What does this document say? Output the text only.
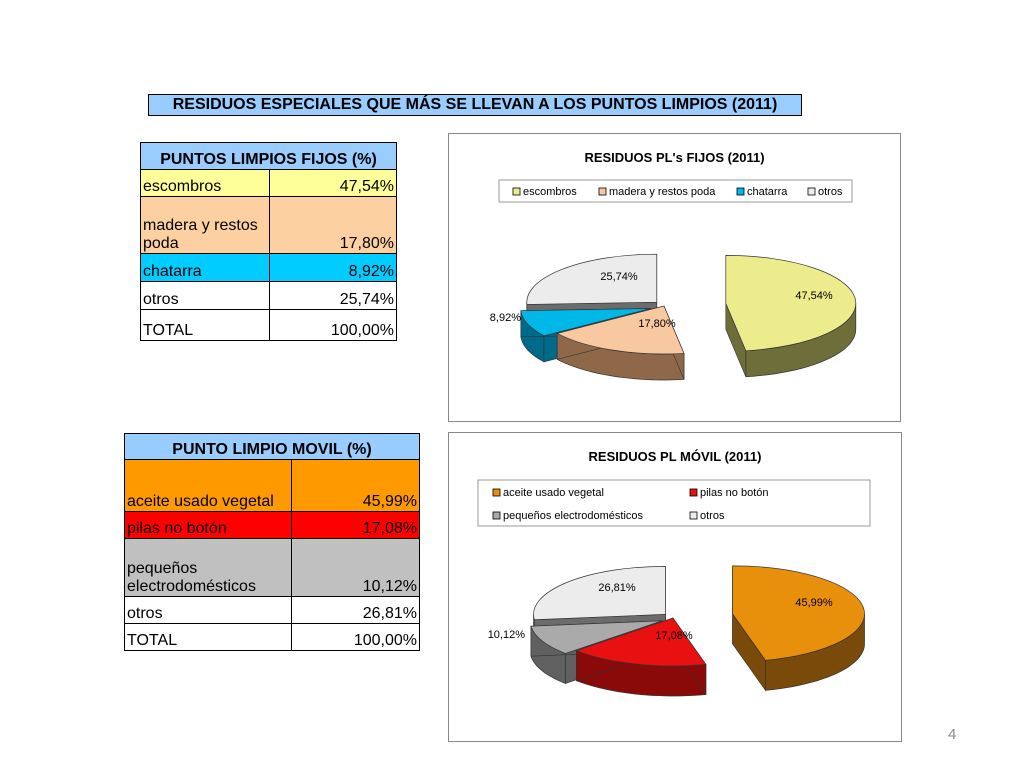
RESIDUOS ESPECIALES QUE MÁS SE LLEVAN A LOS PUNTOS LIMPIOS (2011)
PUNTOS LIMPIOS FIJOS (%)	
escombros	47,54%
madera y restos poda	17,80%
chatarra	8,92%
otros	25,74%
TOTAL	100,00%
PUNTO LIMPIO MOVIL (%)	
aceite usado vegetal	45,99%
pilas no botón	17,08%
pequeños electrodomésticos	10,12%
otros	26,81%
TOTAL	100,00%
RESIDUOS PL's FIJOS (2011)
escombros	madera y restos poda	chatarra	otros
47,54%
17,80%
8,92%
25,74%
RESIDUOS PL MÓVIL (2011)
aceite usado vegetal	pilas no botón
pequeños electrodomésticos	otros
45,99%
17,08%
10,12%
26,81%
4
